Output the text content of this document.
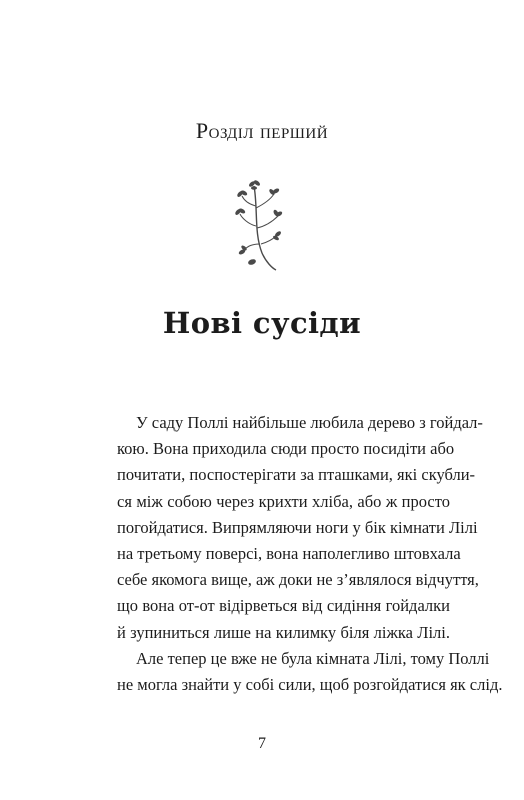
Розділ перший
Нові сусіди
У саду Поллі найбільше любила дерево з гойдал-
кою. Вона приходила сюди просто посидіти або
почитати, поспостерігати за пташками, які скубли-
ся між собою через крихти хліба, або ж просто
погойдатися. Випрямляючи ноги у бік кімнати Лілі
на третьому поверсі, вона наполегливо штовхала
себе якомога вище, аж доки не з’являлося відчуття,
що вона от-от відірветься від сидіння гойдалки
й зупиниться лише на килимку біля ліжка Лілі.
Але тепер це вже не була кімната Лілі, тому Поллі
не могла знайти у собі сили, щоб розгойдатися як слід.
7
